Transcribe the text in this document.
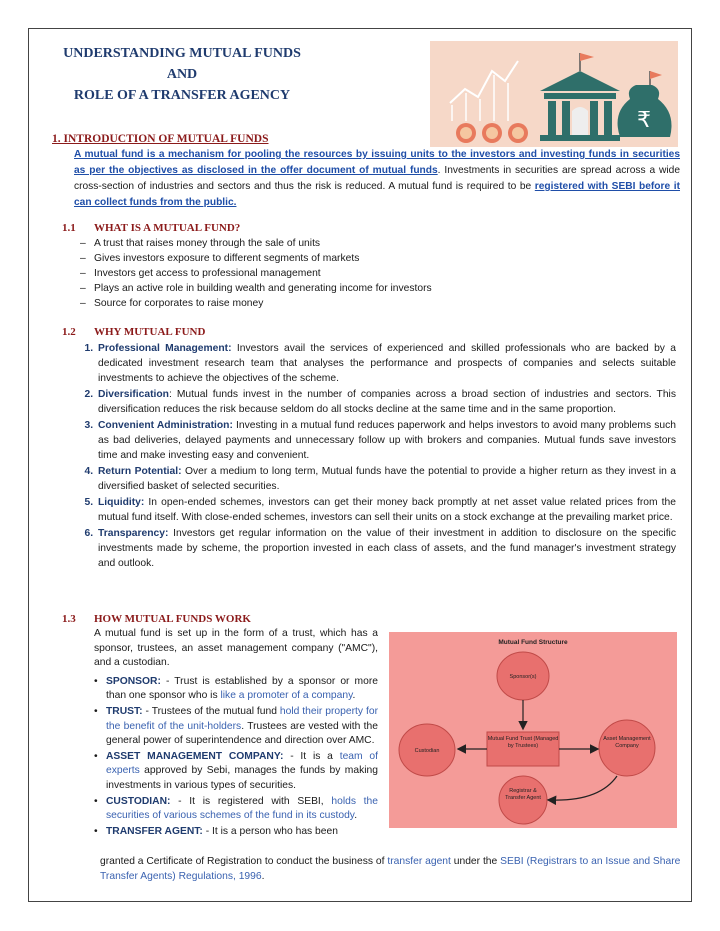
UNDERSTANDING MUTUAL FUNDS
AND
ROLE OF A TRANSFER AGENCY
₹
1. INTRODUCTION OF MUTUAL FUNDS
A mutual fund is a mechanism for pooling the resources by issuing units to the investors and investing funds in securities as per the objectives as disclosed in the offer document of mutual funds. Investments in securities are spread across a wide cross-section of industries and sectors and thus the risk is reduced. A mutual fund is required to be registered with SEBI before it can collect funds from the public.
1.1 WHAT IS A MUTUAL FUND?
– A trust that raises money through the sale of units
– Gives investors exposure to different segments of markets
– Investors get access to professional management
– Plays an active role in building wealth and generating income for investors
– Source for corporates to raise money
1.2 WHY MUTUAL FUND
1. Professional Management: Investors avail the services of experienced and skilled professionals who are backed by a dedicated investment research team that analyses the performance and prospects of companies and selects suitable investments to achieve the objectives of the scheme.
2. Diversification: Mutual funds invest in the number of companies across a broad section of industries and sectors. This diversification reduces the risk because seldom do all stocks decline at the same time and in the same proportion.
3. Convenient Administration: Investing in a mutual fund reduces paperwork and helps investors to avoid many problems such as bad deliveries, delayed payments and unnecessary follow up with brokers and companies. Mutual funds save investors time and make investing easy and convenient.
4. Return Potential: Over a medium to long term, Mutual funds have the potential to provide a higher return as they invest in a diversified basket of selected securities.
5. Liquidity: In open-ended schemes, investors can get their money back promptly at net asset value related prices from the mutual fund itself. With close-ended schemes, investors can sell their units on a stock exchange at the prevailing market price.
6. Transparency: Investors get regular information on the value of their investment in addition to disclosure on the specific investments made by scheme, the proportion invested in each class of assets, and the fund manager's investment strategy and outlook.
1.3 HOW MUTUAL FUNDS WORK
A mutual fund is set up in the form of a trust, which has a sponsor, trustees, an asset management company ("AMC"), and a custodian.
• SPONSOR: - Trust is established by a sponsor or more than one sponsor who is like a promoter of a company.
• TRUST: - Trustees of the mutual fund hold their property for the benefit of the unit-holders. Trustees are vested with the general power of superintendence and direction over AMC.
• ASSET MANAGEMENT COMPANY: - It is a team of experts approved by Sebi, manages the funds by making investments in various types of securities.
• CUSTODIAN: - It is registered with SEBI, holds the securities of various schemes of the fund in its custody.
• TRANSFER AGENT: - It is a person who has been
granted a Certificate of Registration to conduct the business of transfer agent under the SEBI (Registrars to an Issue and Share Transfer Agents) Regulations, 1996.
Mutual Fund Structure
Sponsor(s)
Mutual Fund Trust (Managed by Trustees)
Custodian
Asset Management Company
Registrar & Transfer Agent
